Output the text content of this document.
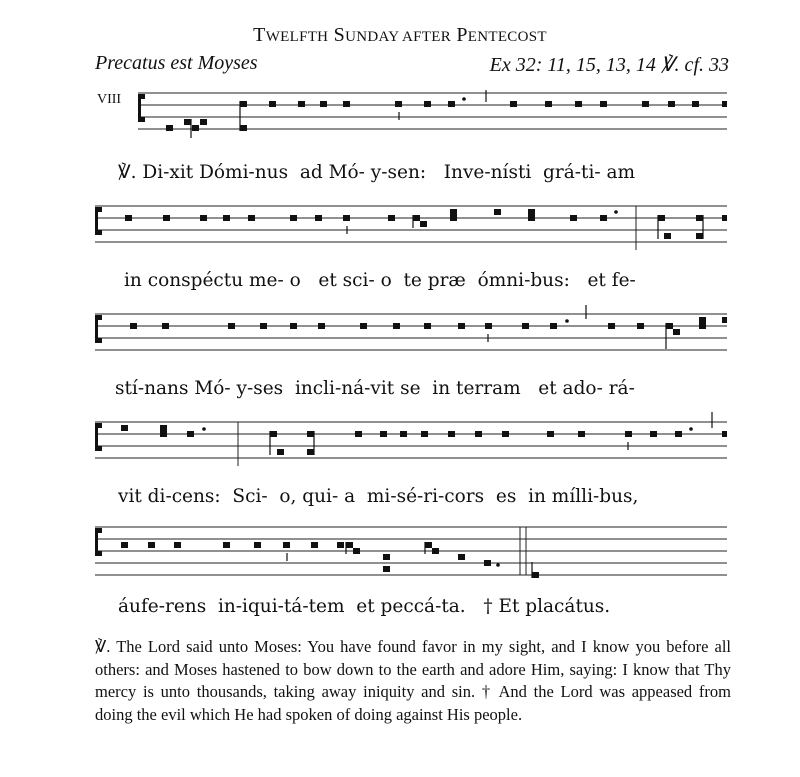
TWELFTH SUNDAY AFTER PENTECOST
Precatus est Moyses	Ex 32: 11, 15, 13, 14 ℣. cf. 33
VIII
℣. Di-xit Dómi-nus  ad Mó- y-sen:   Inve-nísti  grá-ti- am
in conspéctu me- o   et sci- o  te præ  ómni-bus:   et fe-
stí-nans Mó- y-ses  incli-ná-vit se  in terram   et ado- rá-
vit di-cens:  Sci-  o, qui- a  mi-sé-ri-cors  es  in mílli-bus,
áufe-rens  in-iqui-tá-tem  et peccá-ta.   † Et placátus.
℣. The Lord said unto Moses: You have found favor in my sight, and I know you before all others: and Moses hastened to bow down to the earth and adore Him, saying: I know that Thy mercy is unto thousands, taking away iniquity and sin. † And the Lord was appeased from doing the evil which He had spoken of doing against His people.
